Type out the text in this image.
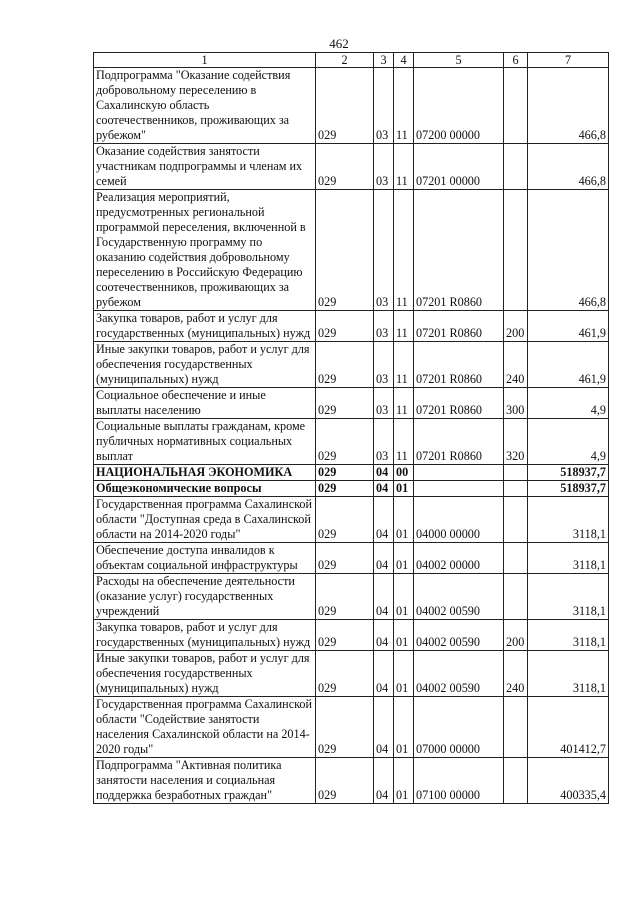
462
1	2	3	4	5	6	7
Подпрограмма "Оказание содействия добровольному переселению в Сахалинскую область соотечественников, проживающих за рубежом"	029	03	11	07200 00000		466,8
Оказание содействия занятости участникам подпрограммы и членам их семей	029	03	11	07201 00000		466,8
Реализация мероприятий, предусмотренных региональной программой переселения, включенной в Государственную программу по оказанию содействия добровольному переселению в Российскую Федерацию соотечественников, проживающих за рубежом	029	03	11	07201 R0860		466,8
Закупка товаров, работ и услуг для государственных (муниципальных) нужд	029	03	11	07201 R0860	200	461,9
Иные закупки товаров, работ и услуг для обеспечения государственных (муниципальных) нужд	029	03	11	07201 R0860	240	461,9
Социальное обеспечение и иные выплаты населению	029	03	11	07201 R0860	300	4,9
Социальные выплаты гражданам, кроме публичных нормативных социальных выплат	029	03	11	07201 R0860	320	4,9
НАЦИОНАЛЬНАЯ ЭКОНОМИКА	029	04	00			518937,7
Общеэкономические вопросы	029	04	01			518937,7
Государственная программа Сахалинской области "Доступная среда в Сахалинской области на 2014-2020 годы"	029	04	01	04000 00000		3118,1
Обеспечение доступа инвалидов к объектам социальной инфраструктуры	029	04	01	04002 00000		3118,1
Расходы на обеспечение деятельности (оказание услуг) государственных учреждений	029	04	01	04002 00590		3118,1
Закупка товаров, работ и услуг для государственных (муниципальных) нужд	029	04	01	04002 00590	200	3118,1
Иные закупки товаров, работ и услуг для обеспечения государственных (муниципальных) нужд	029	04	01	04002 00590	240	3118,1
Государственная программа Сахалинской области "Содействие занятости населения Сахалинской области на 2014-2020 годы"	029	04	01	07000 00000		401412,7
Подпрограмма "Активная политика занятости населения и социальная поддержка безработных граждан"	029	04	01	07100 00000		400335,4
